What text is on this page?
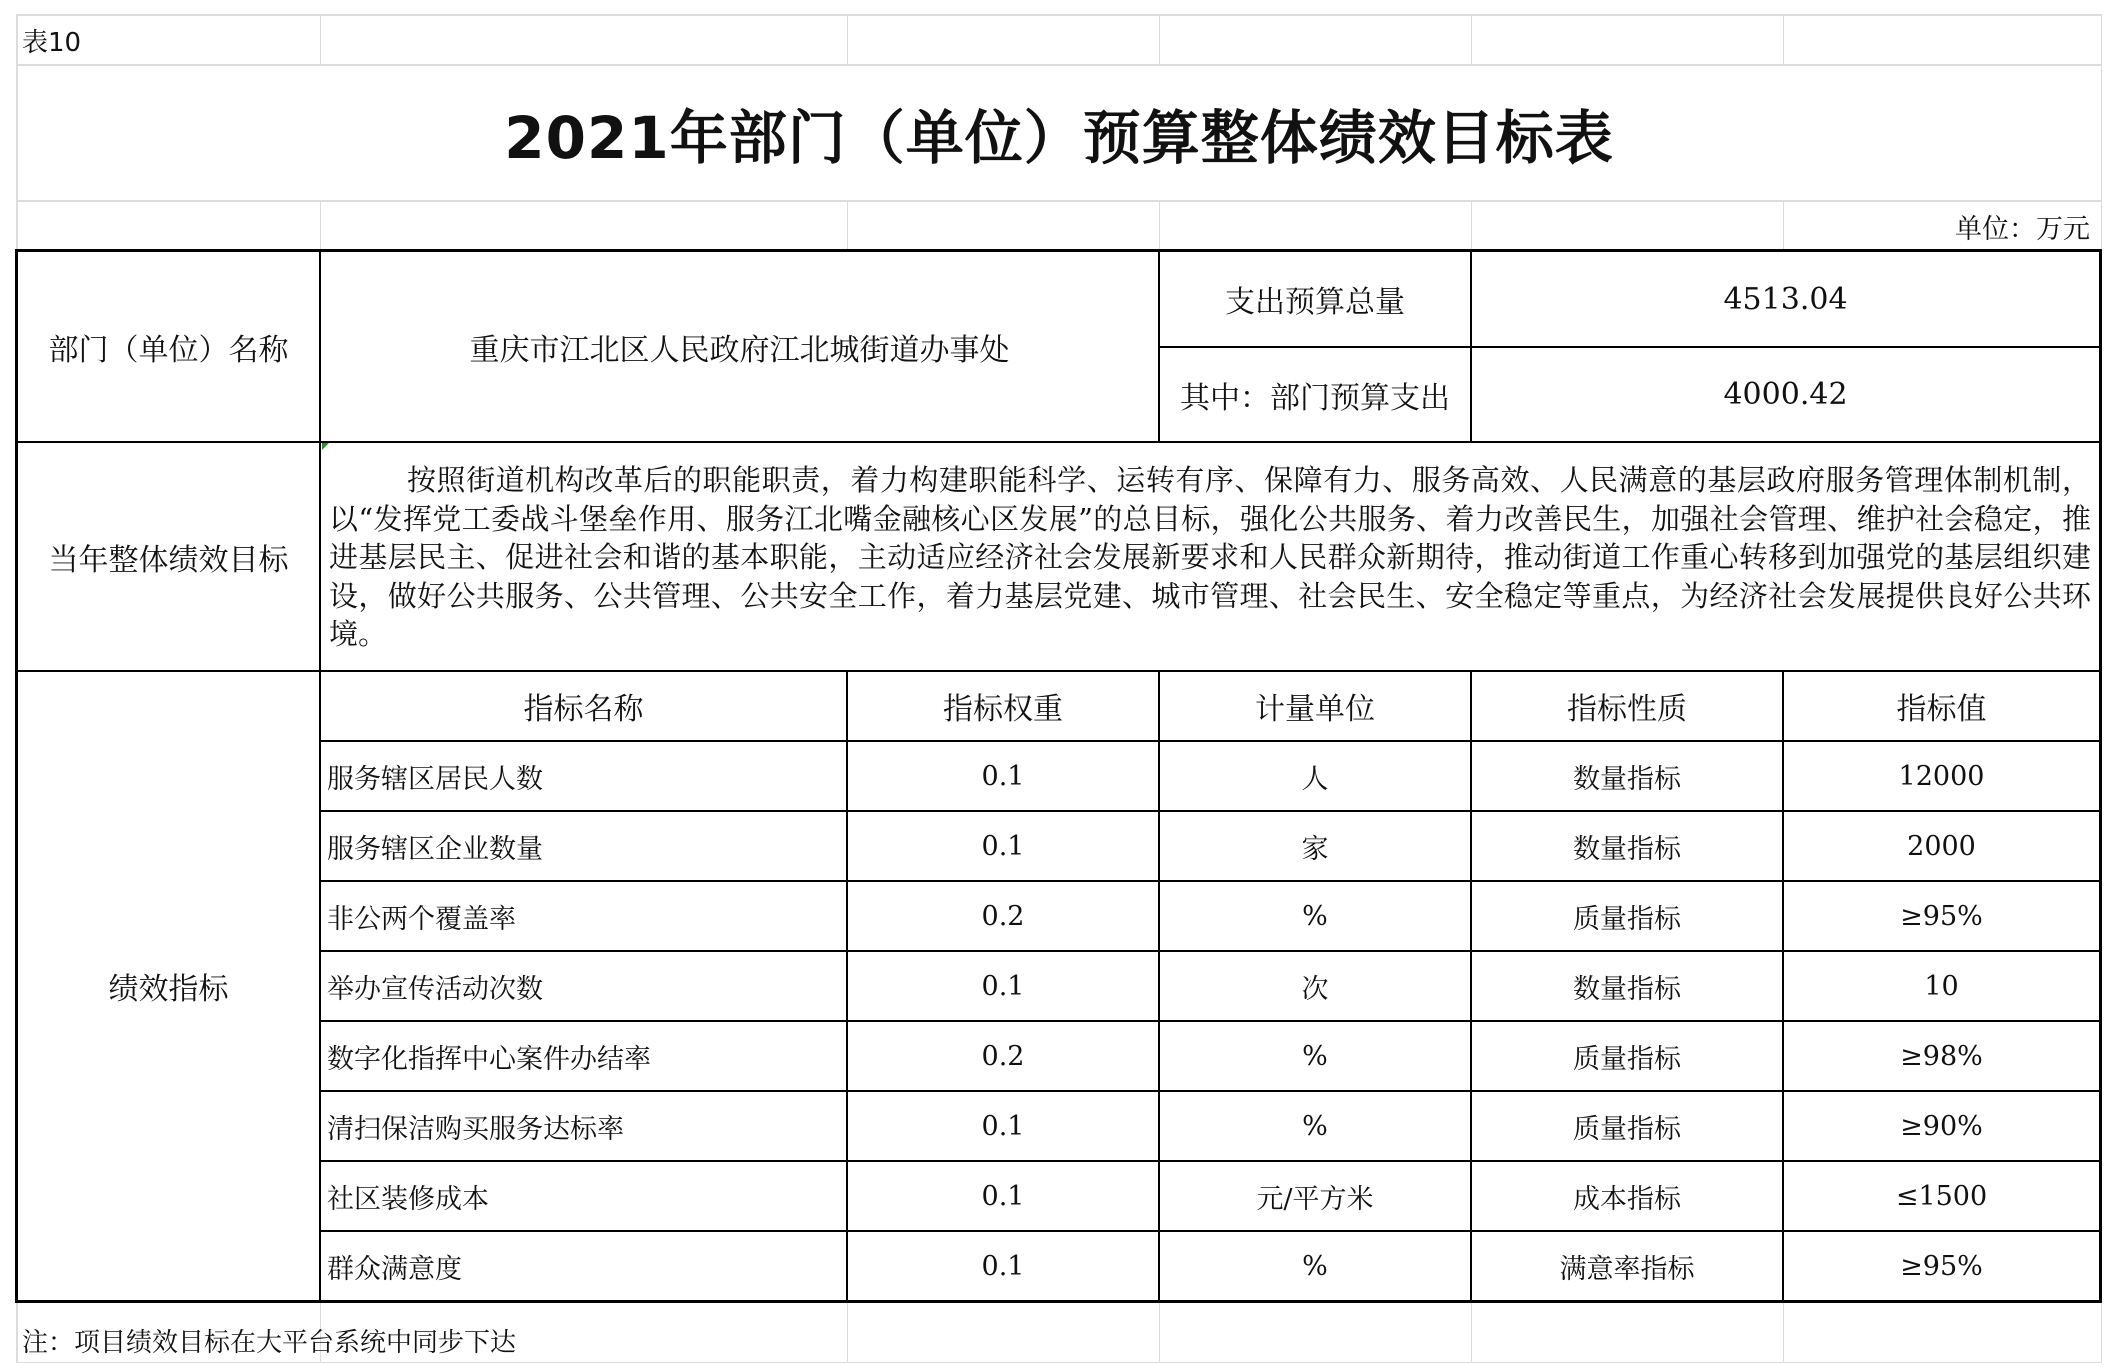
表10
2021年部门（单位）预算整体绩效目标表
单位：万元
部门（单位）名称	重庆市江北区人民政府江北城街道办事处
支出预算总量	4513.04
其中：部门预算支出	4000.42
当年整体绩效目标
按照街道机构改革后的职能职责，着力构建职能科学、运转有序、保障有力、服务高效、人民满意的基层政府服务管理体制机制，以“发挥党工委战斗堡垒作用、服务江北嘴金融核心区发展”的总目标，强化公共服务、着力改善民生，加强社会管理、维护社会稳定，推进基层民主、促进社会和谐的基本职能，主动适应经济社会发展新要求和人民群众新期待，推动街道工作重心转移到加强党的基层组织建设，做好公共服务、公共管理、公共安全工作，着力基层党建、城市管理、社会民生、安全稳定等重点，为经济社会发展提供良好公共环境。
绩效指标
指标名称	指标权重	计量单位	指标性质	指标值
服务辖区居民人数	0.1	人	数量指标	12000
服务辖区企业数量	0.1	家	数量指标	2000
非公两个覆盖率	0.2	%	质量指标	≥95%
举办宣传活动次数	0.1	次	数量指标	10
数字化指挥中心案件办结率	0.2	%	质量指标	≥98%
清扫保洁购买服务达标率	0.1	%	质量指标	≥90%
社区装修成本	0.1	元/平方米	成本指标	≤1500
群众满意度	0.1	%	满意率指标	≥95%
注：项目绩效目标在大平台系统中同步下达
